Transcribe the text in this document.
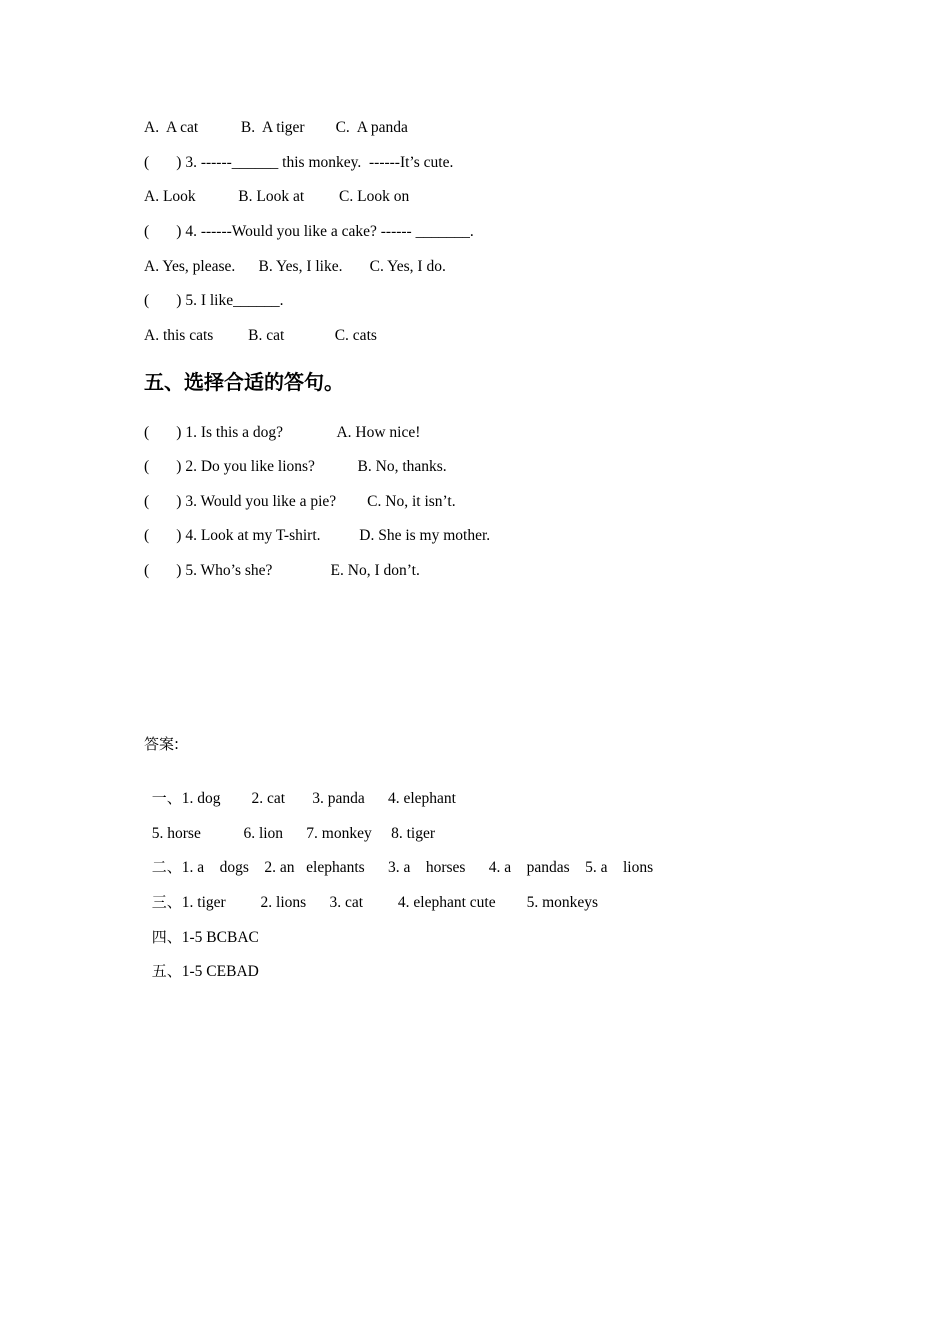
A.  A cat           B.  A tiger        C.  A panda
(       ) 3. ------______ this monkey.  ------It’s cute.
A. Look           B. Look at         C. Look on
(       ) 4. ------Would you like a cake? ------ _______.
A. Yes, please.      B. Yes, I like.       C. Yes, I do.
(       ) 5. I like______.
A. this cats         B. cat             C. cats
五、选择合适的答句。
(       ) 1. Is this a dog?              A. How nice!
(       ) 2. Do you like lions?           B. No, thanks.
(       ) 3. Would you like a pie?        C. No, it isn’t.
(       ) 4. Look at my T-shirt.          D. She is my mother.
(       ) 5. Who’s she?               E. No, I don’t.
答案:

一、1. dog        2. cat       3. panda      4. elephant

5. horse           6. lion      7. monkey     8. tiger

二、1. a    dogs    2. an   elephants      3. a    horses      4. a    pandas    5. a    lions

三、1. tiger         2. lions      3. cat         4. elephant cute        5. monkeys

四、1-5 BCBAC

五、1-5 CEBAD
